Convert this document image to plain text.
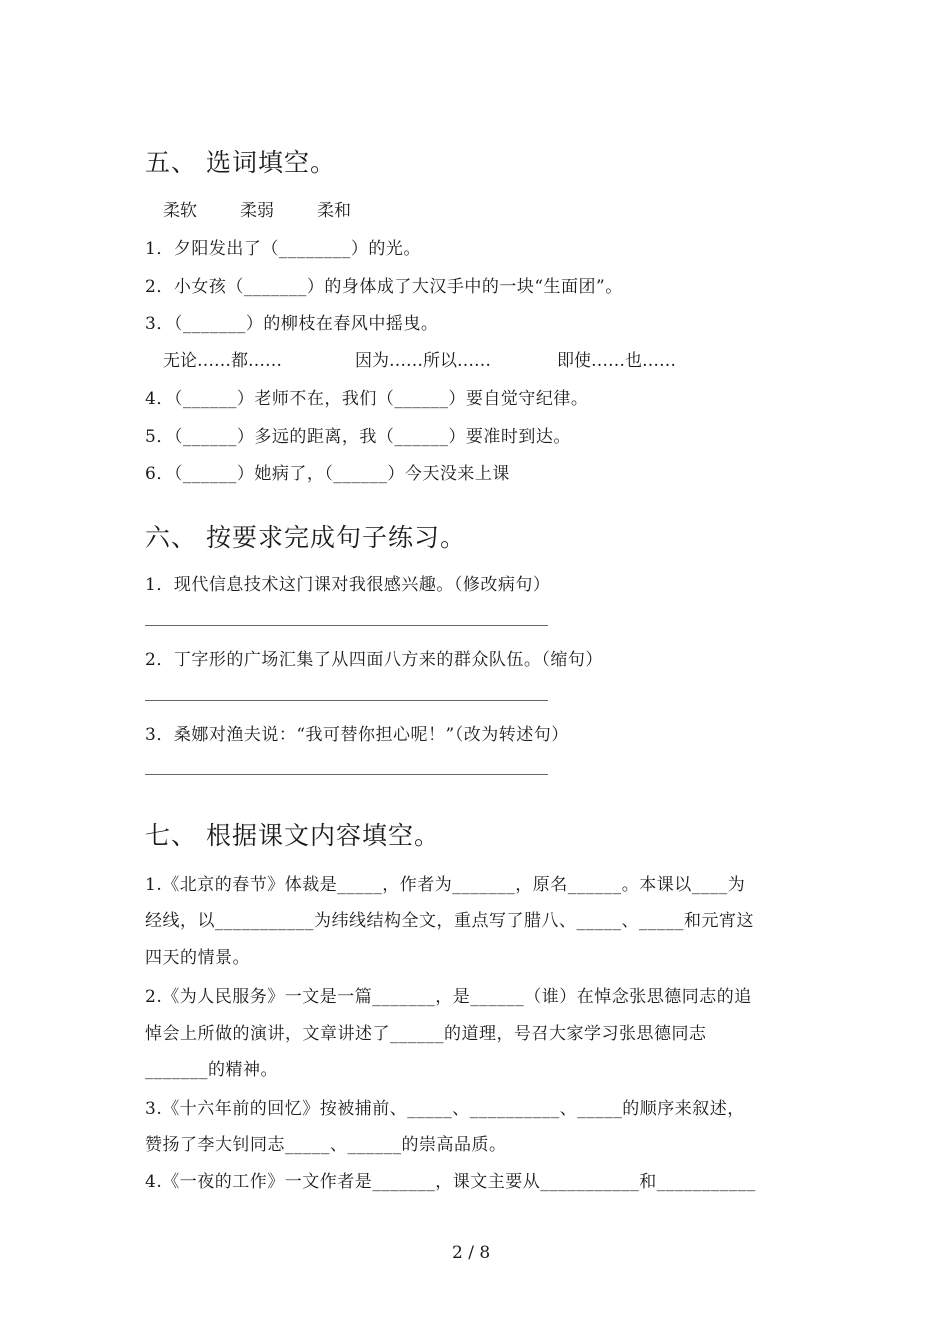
五、 选词填空。
柔软	柔弱	柔和
1．夕阳发出了（________）的光。
2．小女孩（_______）的身体成了大汉手中的一块“生面团”。
3．（_______）的柳枝在春风中摇曳。
无论……都……	因为……所以……	即使……也……
4．（______）老师不在，我们（______）要自觉守纪律。
5．（______）多远的距离，我（______）要准时到达。
6．（______）她病了，（______）今天没来上课
六、 按要求完成句子练习。
1．现代信息技术这门课对我很感兴趣。（修改病句）
2．丁字形的广场汇集了从四面八方来的群众队伍。（缩句）
3．桑娜对渔夫说：“我可替你担心呢！”（改为转述句）
七、 根据课文内容填空。
1.《北京的春节》体裁是_____，作者为_______，原名______。本课以____为
经线，以___________为纬线结构全文，重点写了腊八、_____、_____和元宵这
四天的情景。
2.《为人民服务》一文是一篇_______，是______（谁）在悼念张思德同志的追
悼会上所做的演讲，文章讲述了______的道理，号召大家学习张思德同志
_______的精神。
3.《十六年前的回忆》按被捕前、_____、__________、_____的顺序来叙述，
赞扬了李大钊同志_____、______的崇高品质。
4.《一夜的工作》一文作者是_______，课文主要从___________和___________
2 / 8
